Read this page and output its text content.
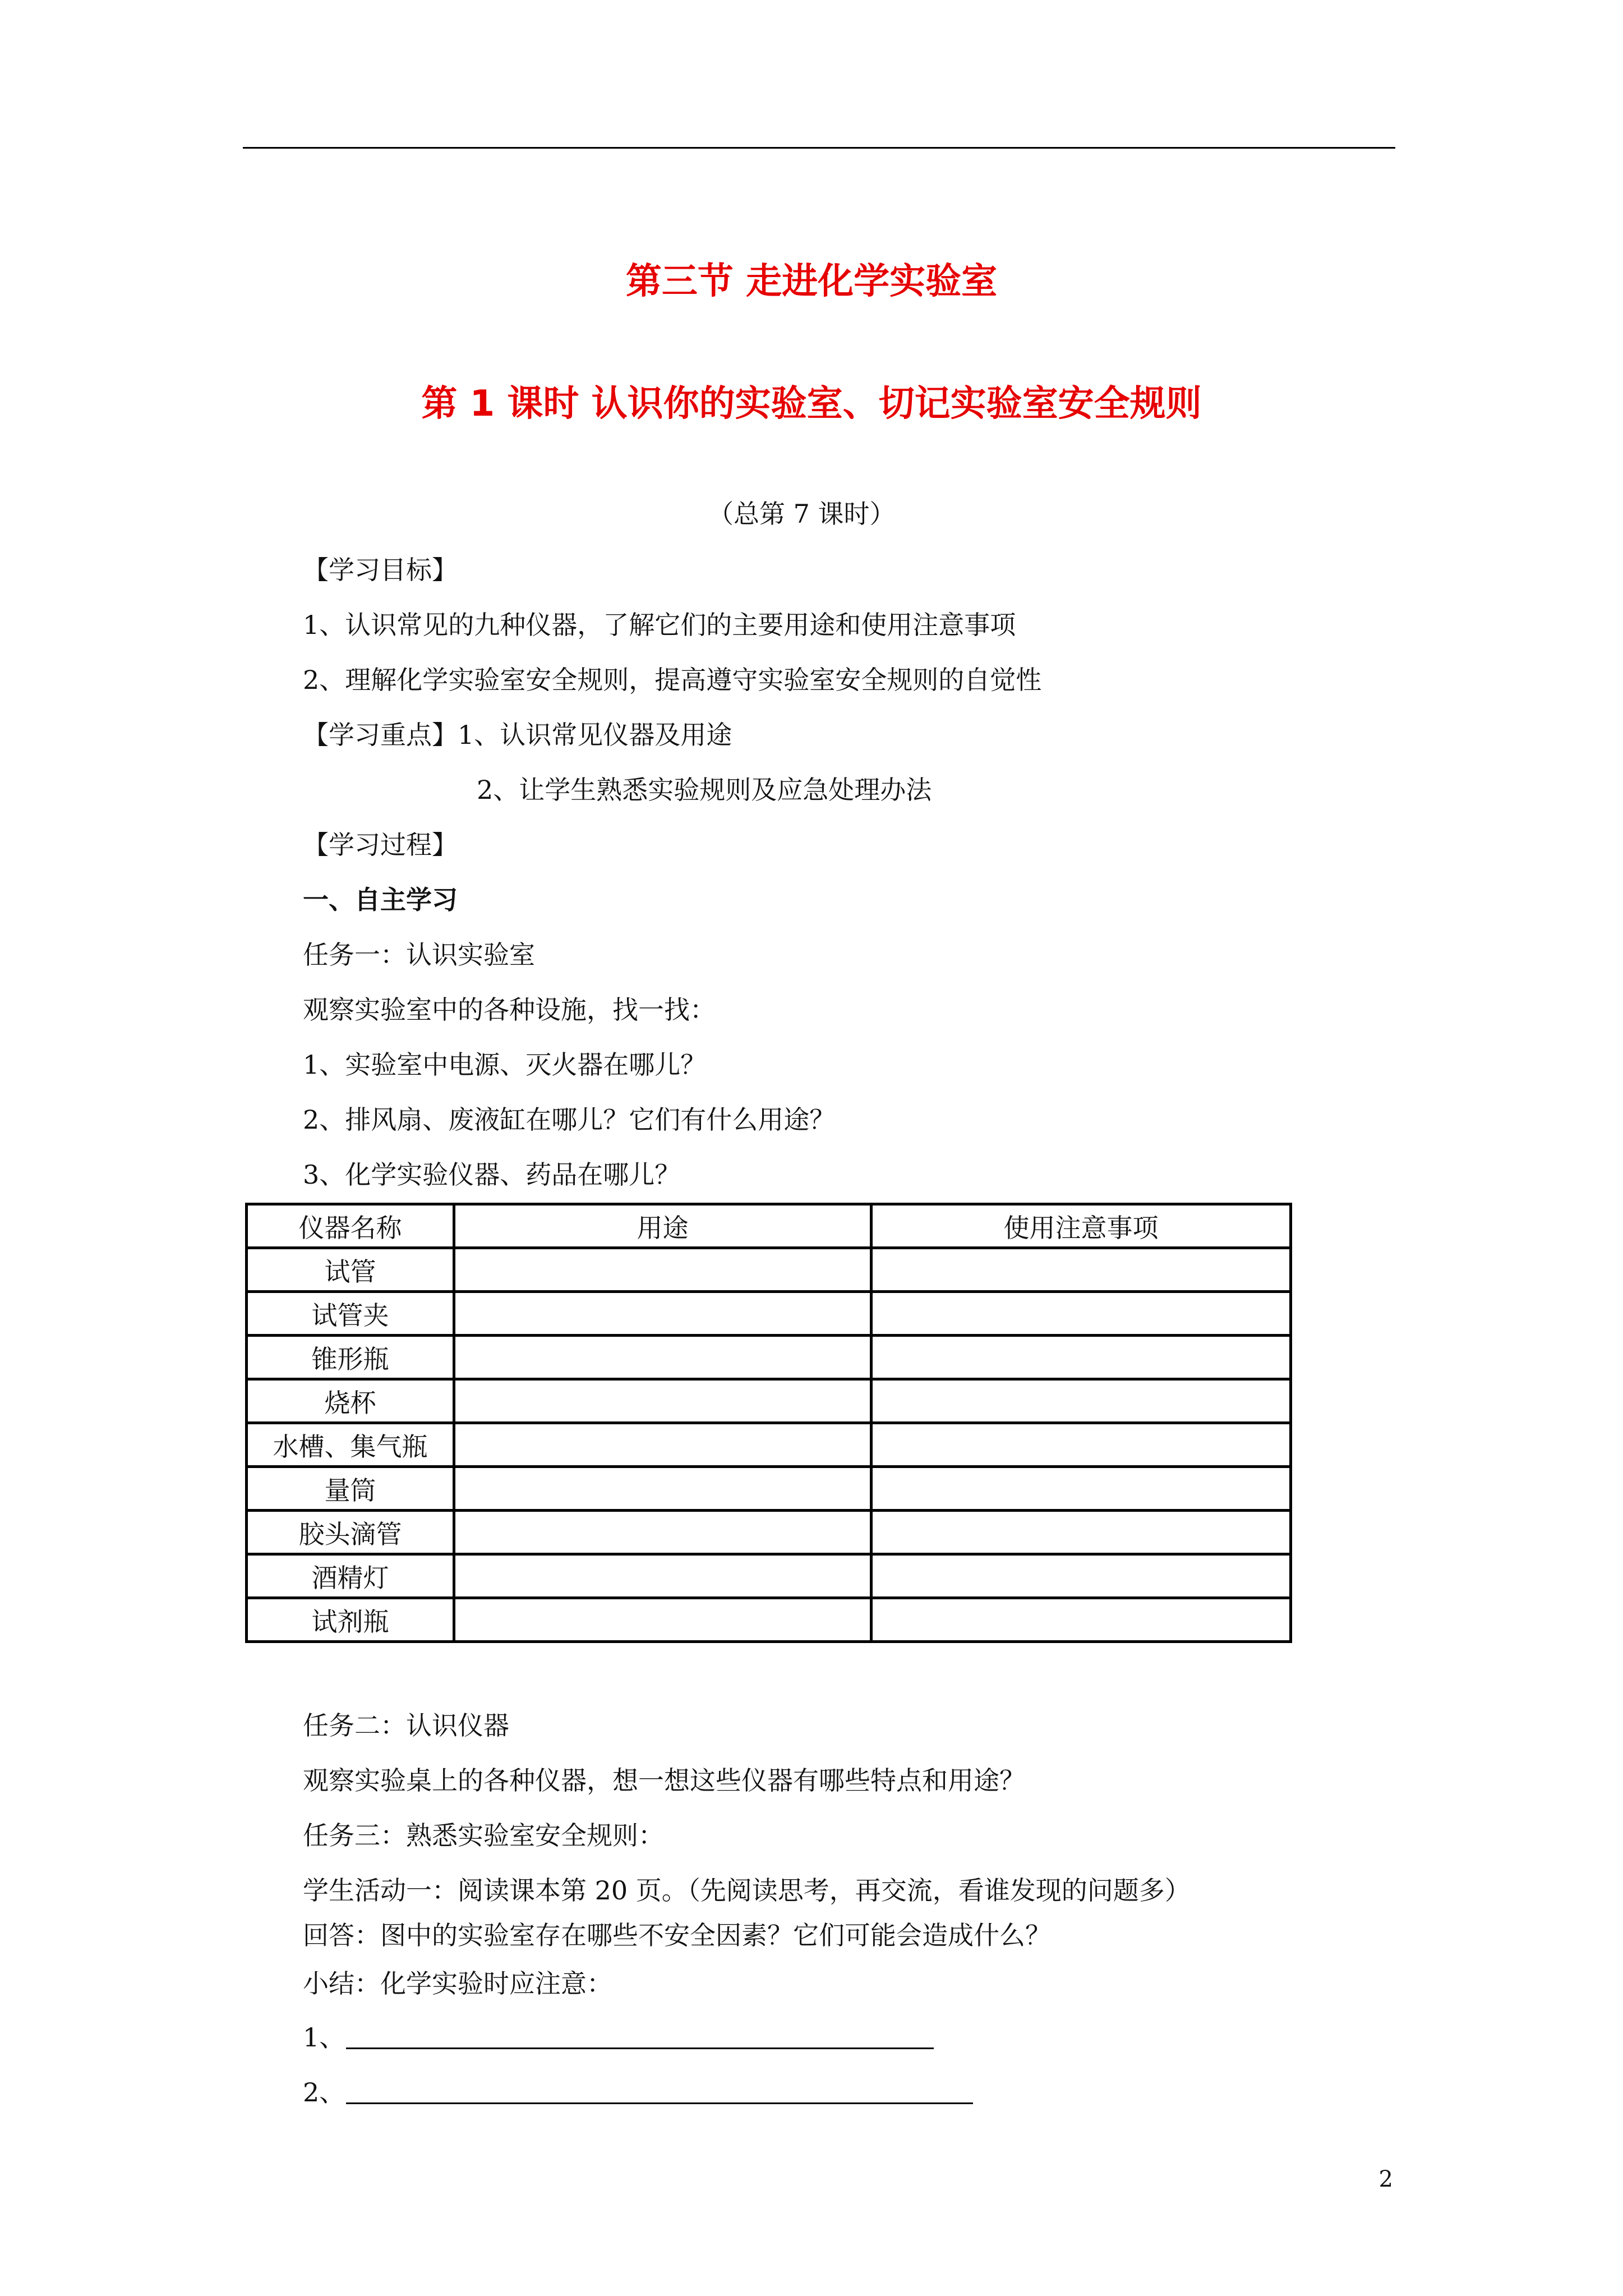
第三节 走进化学实验室
第 1 课时 认识你的实验室、切记实验室安全规则
（总第 7 课时）
【学习目标】
1、认识常见的九种仪器，了解它们的主要用途和使用注意事项
2、理解化学实验室安全规则，提高遵守实验室安全规则的自觉性
【学习重点】1、认识常见仪器及用途
2、让学生熟悉实验规则及应急处理办法
【学习过程】
一、自主学习
任务一：认识实验室
观察实验室中的各种设施，找一找：
1、实验室中电源、灭火器在哪儿？
2、排风扇、废液缸在哪儿？它们有什么用途？
3、化学实验仪器、药品在哪儿？
仪器名称	用途	使用注意事项
试管		
试管夹		
锥形瓶		
烧杯		
水槽、集气瓶		
量筒		
胶头滴管		
酒精灯		
试剂瓶		
任务二：认识仪器
观察实验桌上的各种仪器，想一想这些仪器有哪些特点和用途？
任务三：熟悉实验室安全规则：
学生活动一：阅读课本第 20 页。（先阅读思考，再交流，看谁发现的问题多）
回答：图中的实验室存在哪些不安全因素？它们可能会造成什么？
小结：化学实验时应注意：
1、
2、
2
